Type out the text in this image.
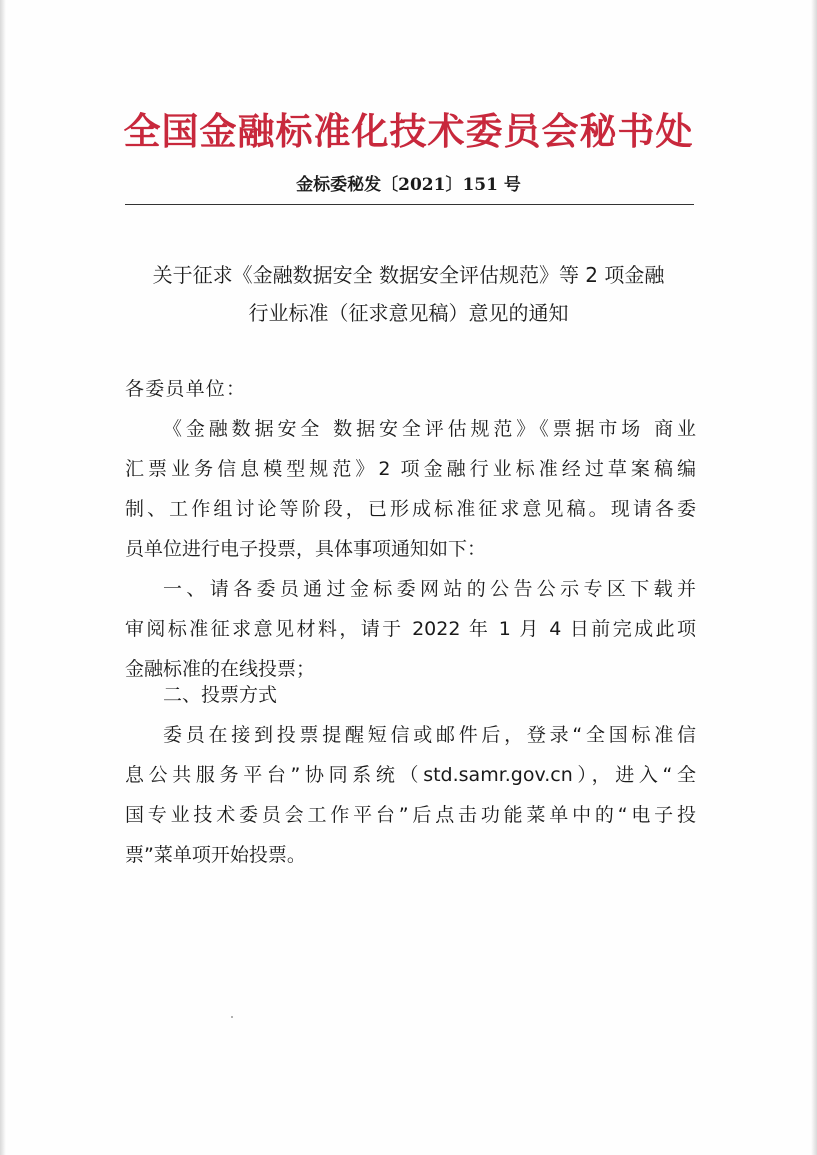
全国金融标准化技术委员会秘书处
金标委秘发〔2021〕151 号
关于征求《金融数据安全 数据安全评估规范》等 2 项金融
行业标准（征求意见稿）意见的通知
各委员单位：
《金融数据安全 数据安全评估规范》《票据市场 商业
汇票业务信息模型规范》2 项金融行业标准经过草案稿编
制、工作组讨论等阶段，已形成标准征求意见稿。现请各委
员单位进行电子投票，具体事项通知如下：
一、请各委员通过金标委网站的公告公示专区下载并
审阅标准征求意见材料，请于 2022 年 1 月 4 日前完成此项
金融标准的在线投票；
二、投票方式
委员在接到投票提醒短信或邮件后，登录“全国标准信
息公共服务平台”协同系统（std.samr.gov.cn），进入“全
国专业技术委员会工作平台”后点击功能菜单中的“电子投
票”菜单项开始投票。
